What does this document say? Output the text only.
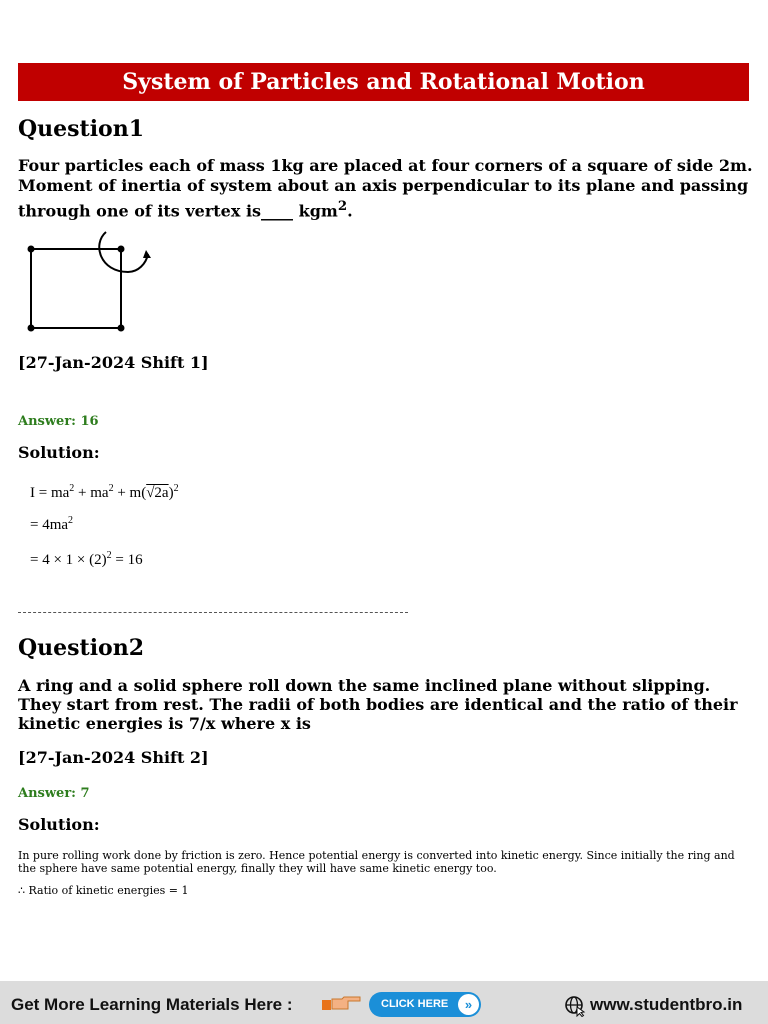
System of Particles and Rotational Motion
Question1
Four particles each of mass 1kg are placed at four corners of a square of side 2m. Moment of inertia of system about an axis perpendicular to its plane and passing through one of its vertex is____ kgm$^2$.
[27-Jan-2024 Shift 1]
Answer: 16
Solution:
$I = ma^2 + ma^2 + m(√2a)^2$
= $4ma^2$
= $4 \times 1 \times (2)^2 = 16$
Question2
A ring and a solid sphere roll down the same inclined plane without slipping. They start from rest. The radii of both bodies are identical and the ratio of their kinetic energies is 7/x where x is
[27-Jan-2024 Shift 2]
Answer: 7
Solution:
In pure rolling work done by friction is zero. Hence potential energy is converted into kinetic energy. Since initially the ring and the sphere have same potential energy, finally they will have same kinetic energy too.
∴ Ratio of kinetic energies = 1
Get More Learning Materials Here :	CLICK HERE	»	www.studentbro.in
